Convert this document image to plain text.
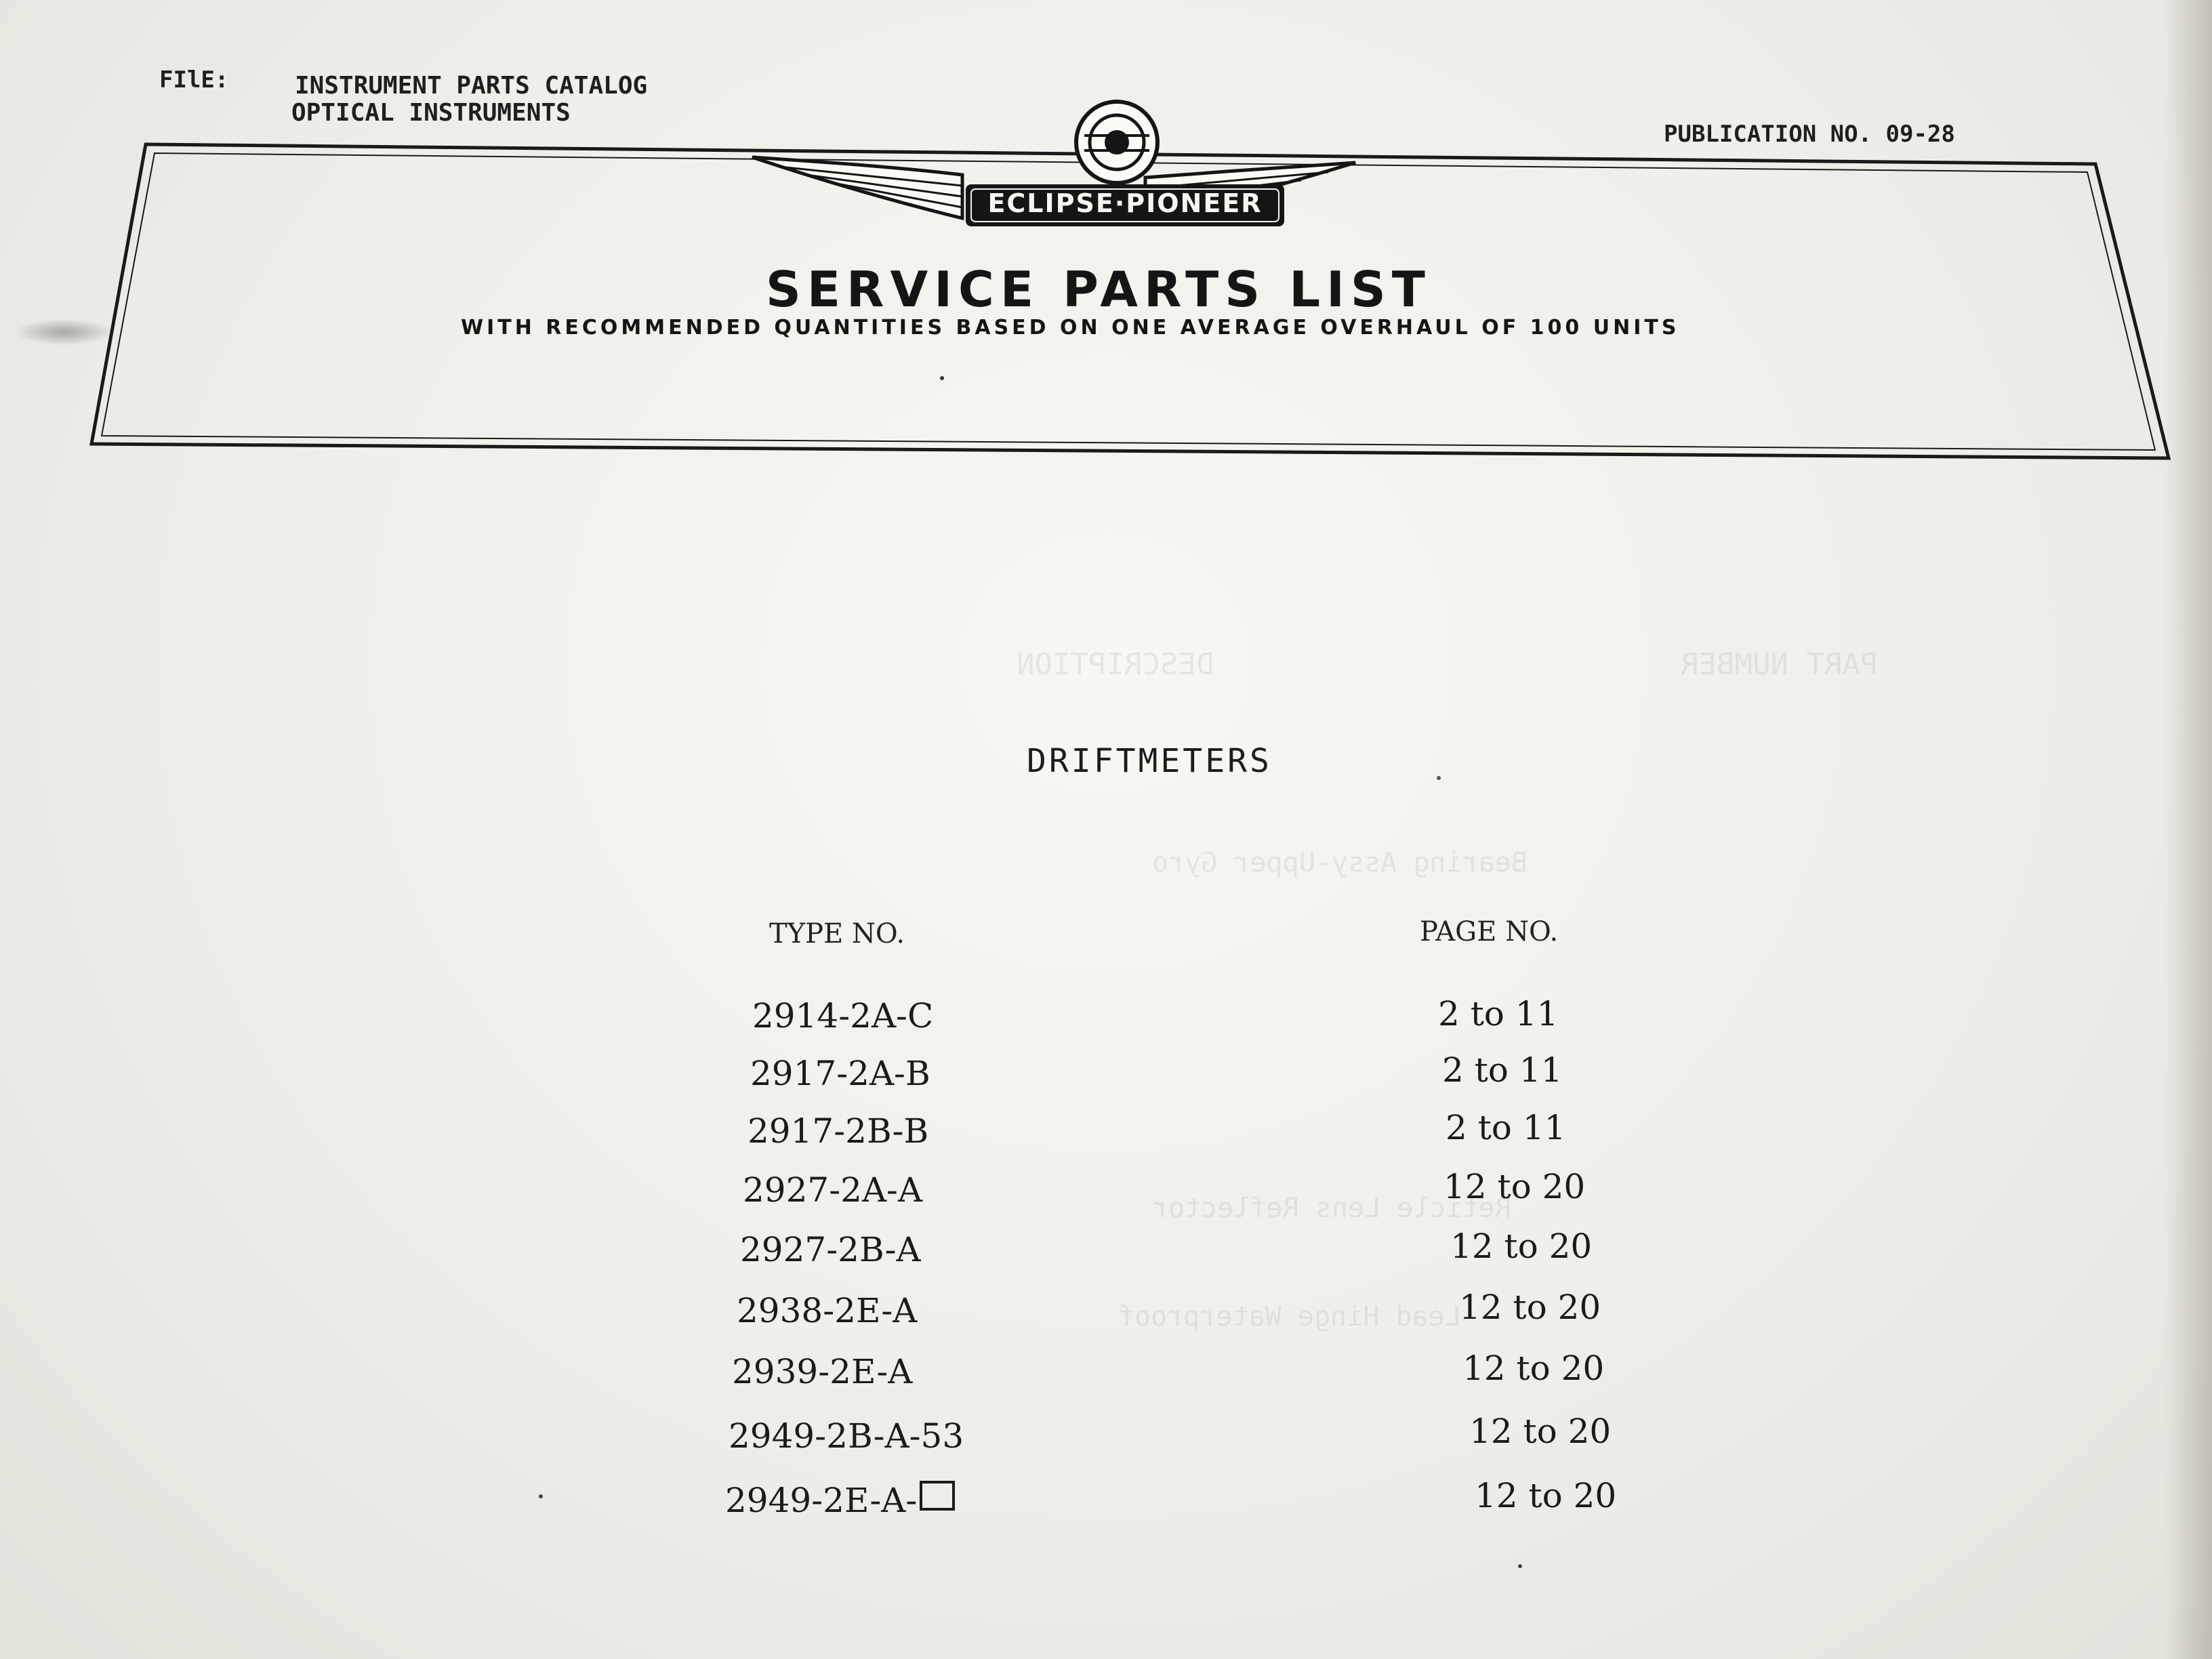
DESCRIPTION	PART NUMBER
Bearing Assy-Upper Gyro
Reticle Lens Reflector
Lead Hinge Waterproof
FIlE:	INSTRUMENT PARTS CATALOG
OPTICAL INSTRUMENTS
PUBLICATION NO. 09-28
ECLIPSE·PIONEER
SERVICE PARTS LIST
WITH RECOMMENDED QUANTITIES BASED ON ONE AVERAGE OVERHAUL OF 100 UNITS
DRIFTMETERS
TYPE NO.	PAGE NO.
2914-2A-C	2 to 11
2917-2A-B	2 to 11
2917-2B-B	2 to 11
2927-2A-A	12 to 20
2927-2B-A	12 to 20
2938-2E-A	12 to 20
2939-2E-A	12 to 20
2949-2B-A-53	12 to 20
2949-2E-A-	12 to 20
